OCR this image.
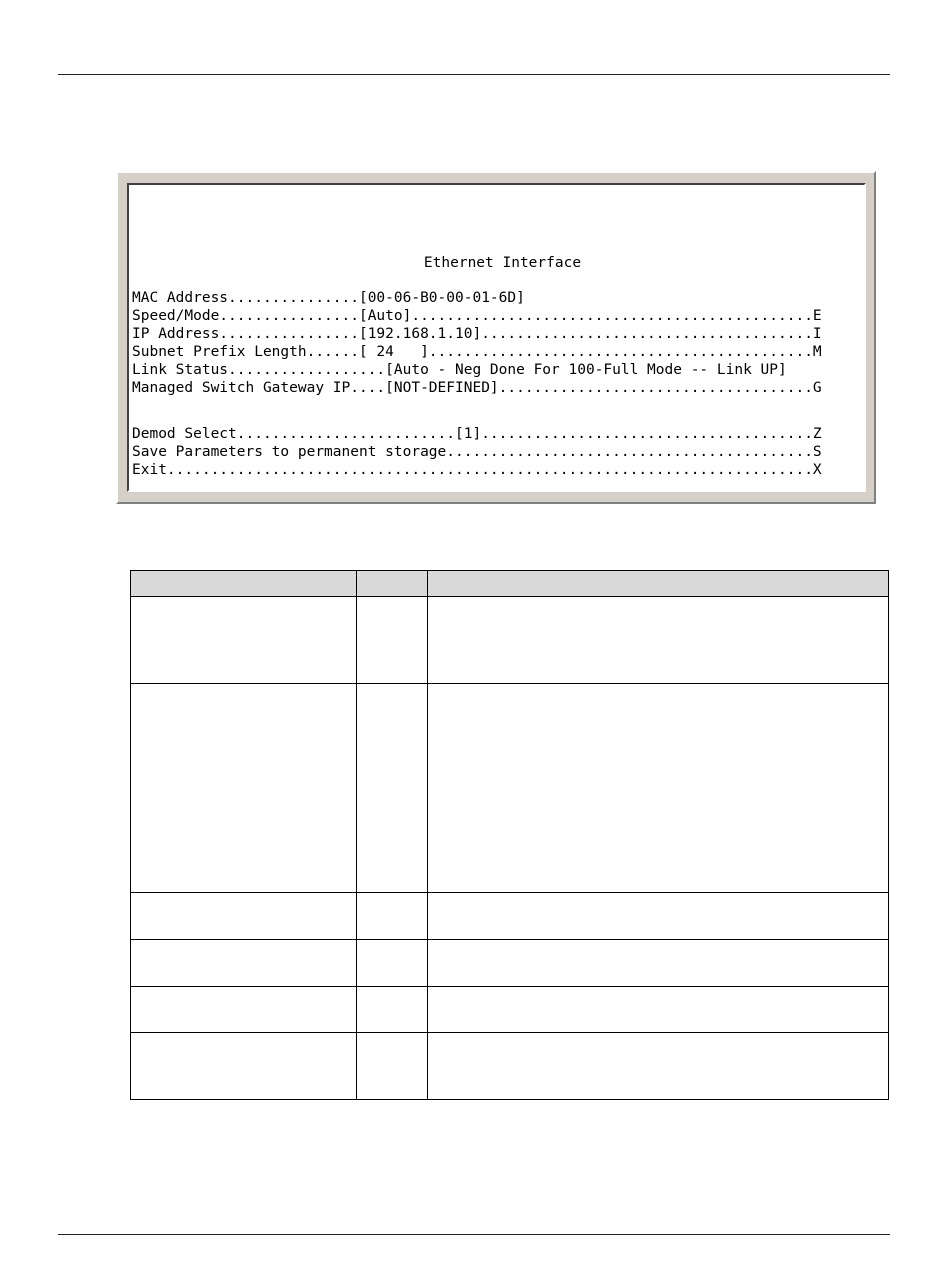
Ethernet Interface
MAC Address...............[00-06-B0-00-01-6D]
Speed/Mode................[Auto]..............................................E
IP Address................[192.168.1.10]......................................I
Subnet Prefix Length......[ 24   ]............................................M
Link Status..................[Auto - Neg Done For 100-Full Mode -- Link UP]
Managed Switch Gateway IP....[NOT-DEFINED]....................................G
Demod Select.........................[1]......................................Z
Save Parameters to permanent storage..........................................S
Exit..........................................................................X
